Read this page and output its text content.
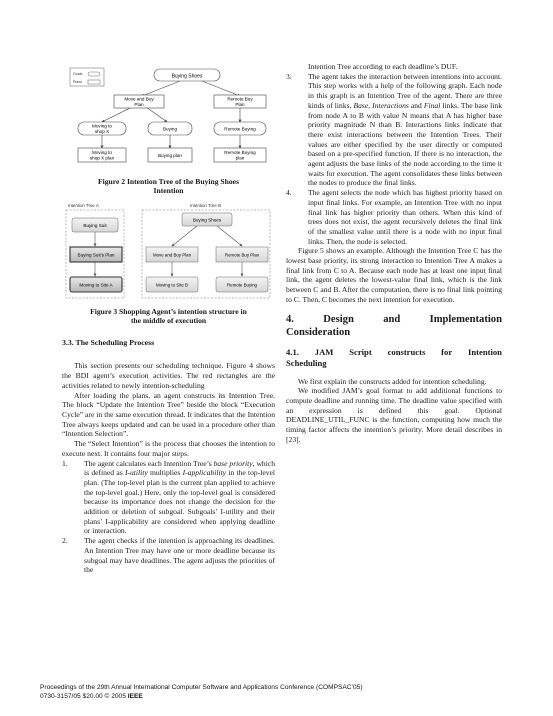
Goals
Plans
Buying Shoes
Move and Buy
Plan
Remote Buy
Plan
Moving to
shop X
Buying	Remote Buying
Moving to
shop X plan
Buying plan
Remote Buying
plan

Figure 2 Intention Tree of the Buying Shoes
Intention

Intention Tree A	Intention Tree B
Buying Suit
Buying Suit's Plan
Moving to Site A
Buying Shoes
Move and Buy Plan	Remote Buy Plan
Moving to Site B	Remote Buying

Figure 3 Shopping Agent’s intention structure in
the middle of execution

3.3. The Scheduling Process

This section presents our scheduling technique. Figure 4 shows the BDI agent’s execution activities. The red rectangles are the activities related to newly intention-scheduling

After loading the plans, an agent constructs its Intention Tree. The block “Update the Intention Tree” beside the block “Execution Cycle” are in the same execution thread. It indicates that the Intention Tree always keeps updated and can be used in a procedure other than “Intention Selection”.

The “Select Intention” is the process that chooses the intention to execute next. It contains four major steps.

1. The agent calculates each Intention Tree’s base priority, which is defined as I-utility multiplies I-applicability in the top-level plan. (The top-level plan is the current plan applied to achieve the top-level goal.) Here, only the top-level goal is considered because its importance does not change the decision for the addition or deletion of subgoal. Subgoals’ I-utility and their plans’ I-applicability are considered when applying deadline or interaction.
2. The agent checks if the intention is approaching its deadlines. An Intention Tree may have one or more deadline because its subgoal may have deadlines. The agent adjusts the priorities of the

Intention Tree according to each deadline’s DUF.

3. The agent takes the interaction between intentions into account. This step works with a help of the following graph. Each node in this graph is an Intention Tree of the agent. There are three kinds of links, Base, Interactions and Final links. The base link from node A to B with value N means that A has higher base priority magnitude N than B. Interactions links indicate that there exist interactions between the Intention Trees. Their values are either specified by the user directly or computed based on a pre-specified function. If there is no interaction, the agent adjusts the base links of the node according to the time it waits for execution. The agent consolidates these links between the nodes to produce the final links.
4. The agent selects the node which has highest priority based on input final links. For example, an Intention Tree with no input final link has higher priority than others. When this kind of trees does not exist, the agent recursively deletes the final link of the smallest value until there is a node with no input final links. Then, the node is selected.

Figure 5 shows an example. Although the Intention Tree C has the lowest base priority, its strong interaction to Intention Tree A makes a final link from C to A. Because each node has at least one input final link, the agent deletes the lowest-value final link, which is the link between C and B. After the computation, there is no final link pointing to C. Then, C becomes the next intention for execution.

4.	Design	and	Implementation
Consideration
4.1. JAM Script constructs for Intention
Scheduling

We first explain the constructs added for intention scheduling.

We modified JAM’s goal format to add additional functions to compute deadline and running time. The deadline value specified with an expression is defined this goal. Optional DEADLINE_UTIL_FUNC is the function, computing how much the timing factor affects the intention’s priority. More detail describes in [23].

Proceedings of the 29th Annual International Computer Software and Applications Conference (COMPSAC’05)
0730-3157/05 $20.00 © 2005 IEEE
